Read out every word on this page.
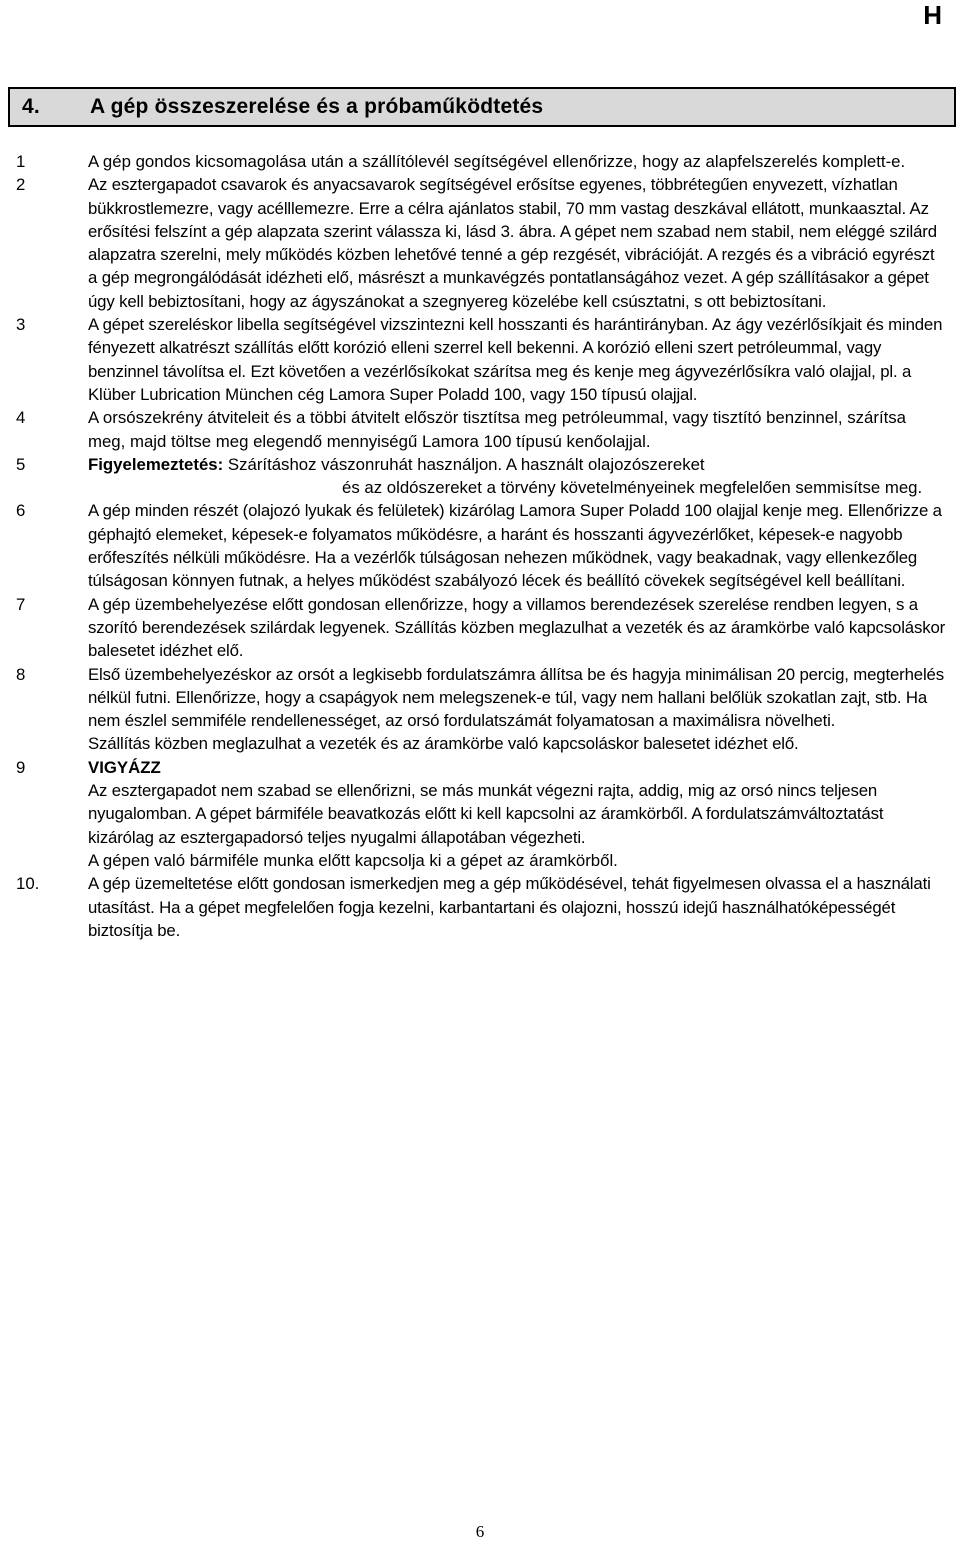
H
4. A gép összeszerelése és a próbaműködtetés
1	A gép gondos kicsomagolása után a szállítólevél segítségével ellenőrizze, hogy az alapfelszerelés komplett-e.

2	Az esztergapadot csavarok és anyacsavarok segítségével erősítse egyenes, többrétegűen enyvezett, vízhatlan bükkrostlemezre, vagy acélllemezre. Erre a célra ajánlatos stabil, 70 mm vastag deszkával ellátott, munkaasztal. Az erősítési felszínt a gép alapzata szerint válassza ki, lásd 3. ábra. A gépet nem szabad nem stabil, nem eléggé szilárd alapzatra szerelni, mely működés közben lehetővé tenné a gép rezgését, vibrációját. A rezgés és a vibráció egyrészt a gép megrongálódását idézheti elő, másrészt a munkavégzés pontatlanságához vezet. A gép szállításakor a gépet úgy kell bebiztosítani, hogy az ágyszánokat a szegnyereg közelébe kell csúsztatni, s ott bebiztosítani.

3	A gépet szereléskor libella segítségével vizszintezni kell hosszanti és harántirányban. Az ágy vezérlősíkjait és minden fényezett alkatrészt szállítás előtt korózió elleni szerrel kell bekenni. A korózió elleni szert petróleummal, vagy benzinnel távolítsa el. Ezt követően a vezérlősíkokat szárítsa meg és kenje meg ágyvezérlősíkra való olajjal, pl. a Klüber Lubrication München cég Lamora Super Poladd 100, vagy 150 típusú olajjal.

4	A orsószekrény átviteleit és a többi átvitelt először tisztítsa meg petróleummal, vagy tisztító benzinnel, szárítsa meg, majd töltse meg elegendő mennyiségű Lamora 100 típusú kenőolajjal.

5	Figyelemeztetés: Szárításhoz vászonruhát használjon. A használt olajozószereket

és az oldószereket a törvény követelményeinek megfelelően semmisítse meg.

6	A gép minden részét (olajozó lyukak és felületek) kizárólag Lamora Super Poladd 100 olajjal kenje meg. Ellenőrizze a géphajtó elemeket, képesek-e folyamatos működésre, a haránt és hosszanti ágyvezérlőket, képesek-e nagyobb erőfeszítés nélküli működésre. Ha a vezérlők túlságosan nehezen működnek, vagy beakadnak, vagy ellenkezőleg túlságosan könnyen futnak, a helyes működést szabályozó lécek és beállító cövekek segítségével kell beállítani.

7	A gép üzembehelyezése előtt gondosan ellenőrizze, hogy a villamos berendezések szerelése rendben legyen, s a szorító berendezések szilárdak legyenek. Szállítás közben meglazulhat a vezeték és az áramkörbe való kapcsoláskor balesetet idézhet elő.

8	Első üzembehelyezéskor az orsót a legkisebb fordulatszámra állítsa be és hagyja minimálisan 20 percig, megterhelés nélkül futni. Ellenőrizze, hogy a csapágyok nem melegszenek-e túl, vagy nem hallani belőlük szokatlan zajt, stb. Ha nem észlel semmiféle rendellenességet, az orsó fordulatszámát folyamatosan a maximálisra növelheti.

Szállítás közben meglazulhat a vezeték és az áramkörbe való kapcsoláskor balesetet idézhet elő.

9	VIGYÁZZ

Az esztergapadot nem szabad se ellenőrizni, se más munkát végezni rajta, addig, mig az orsó nincs teljesen nyugalomban. A gépet bármiféle beavatkozás előtt ki kell kapcsolni az áramkörből. A fordulatszámváltoztatást kizárólag az esztergapadorsó teljes nyugalmi állapotában végezheti.

A gépen való bármiféle munka előtt kapcsolja ki a gépet az áramkörből.

10.	A gép üzemeltetése előtt gondosan ismerkedjen meg a gép működésével, tehát figyelmesen olvassa el a használati utasítást. Ha a gépet megfelelően fogja kezelni, karbantartani és olajozni, hosszú idejű használhatóképességét biztosítja be.

6
